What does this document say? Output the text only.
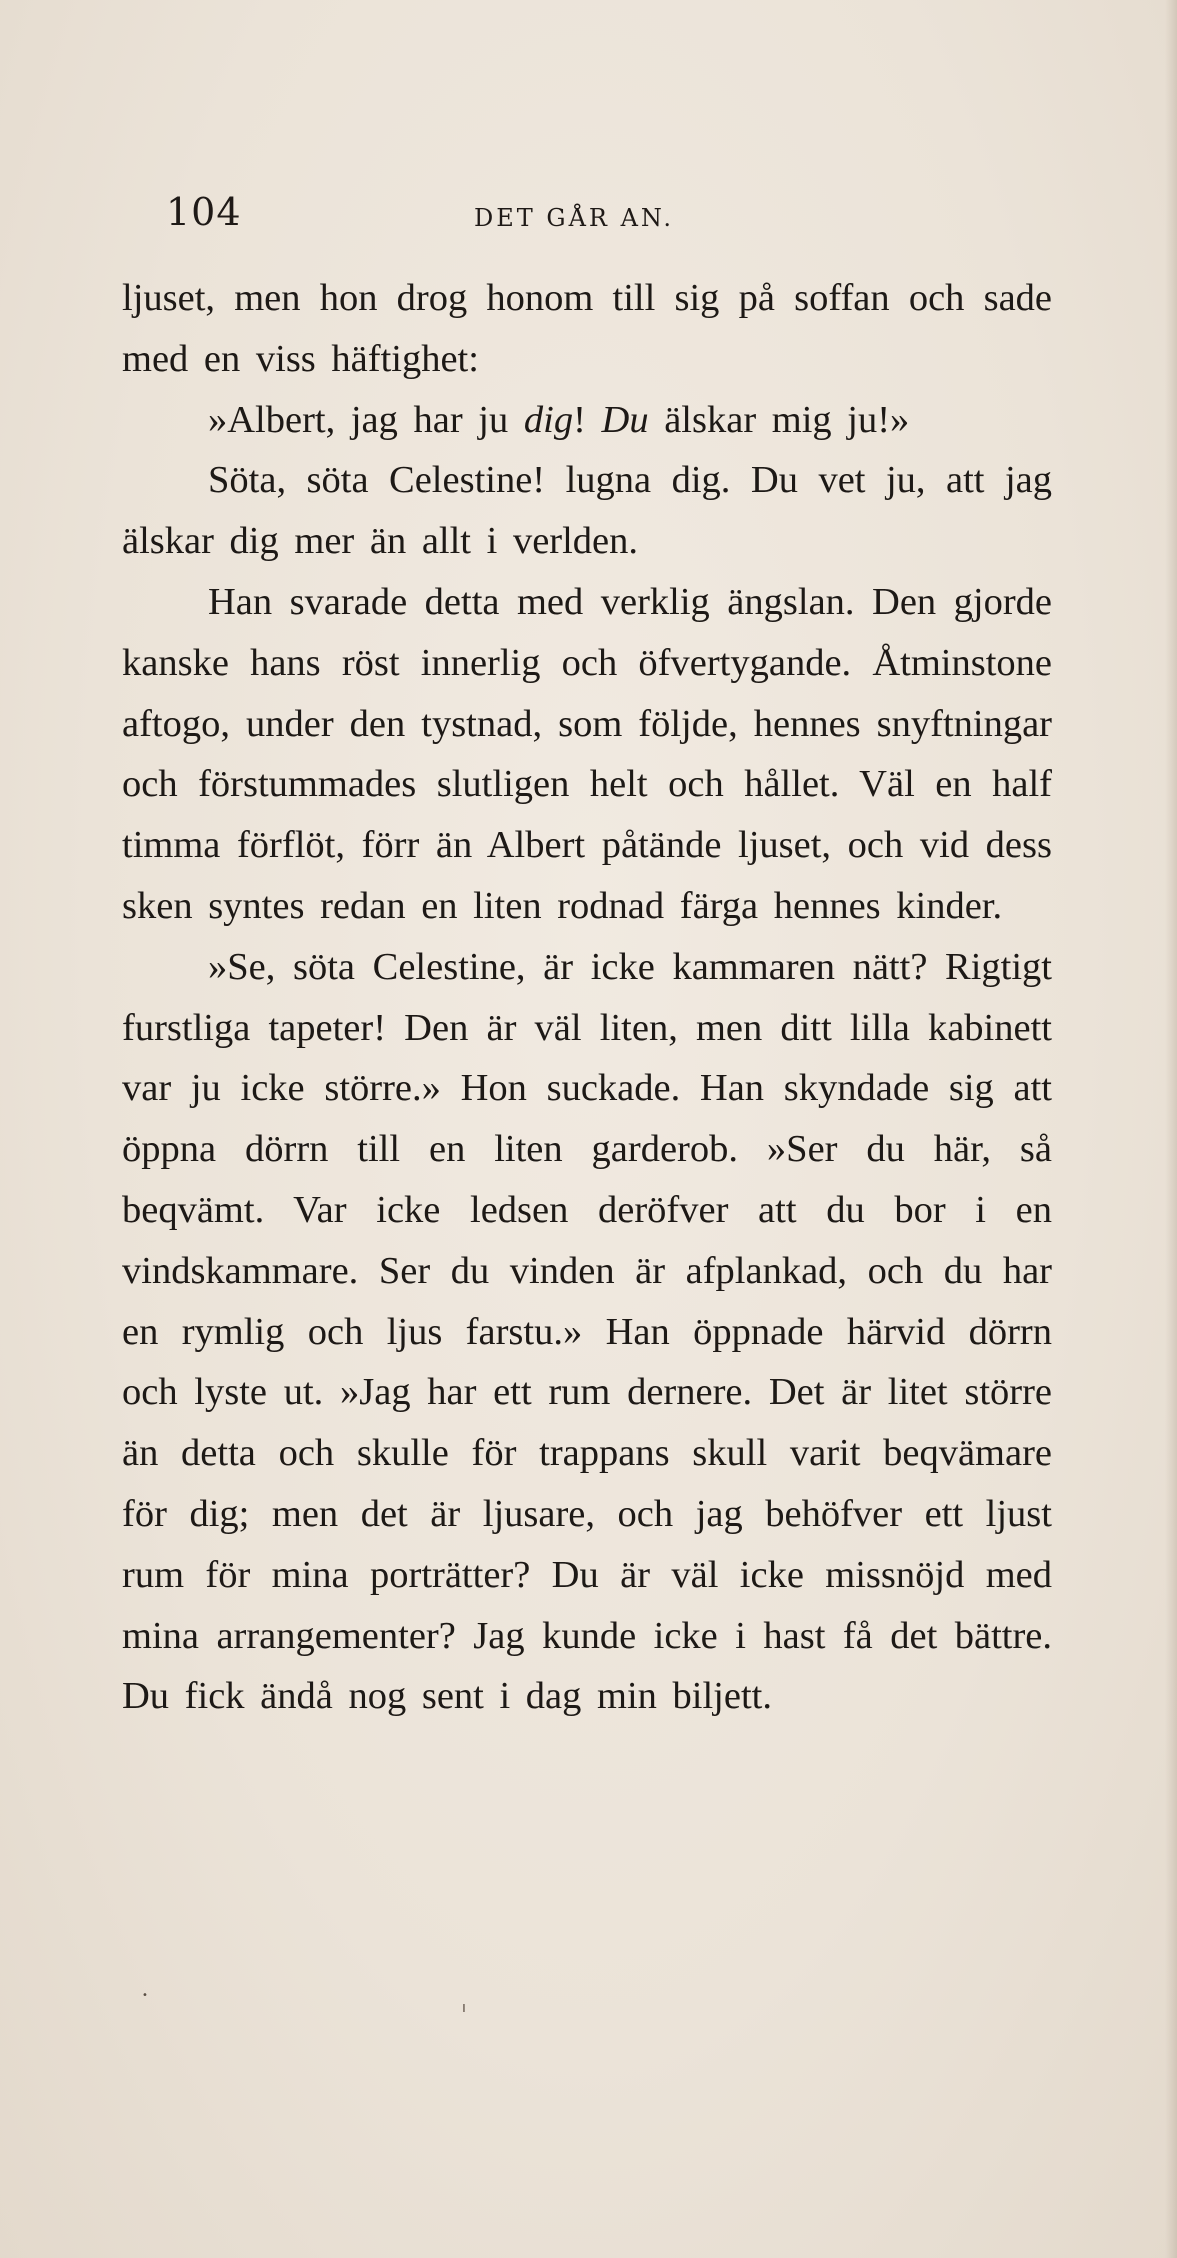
104	DET GÅR AN.

ljuset, men hon drog honom till sig på soffan och sade med en viss häftighet:

»Albert, jag har ju dig! Du älskar mig ju!»

Söta, söta Celestine! lugna dig. Du vet ju, att jag älskar dig mer än allt i verlden.

Han svarade detta med verklig ängslan. Den gjorde kanske hans röst innerlig och öfvertygande. Åtminstone aftogo, under den tystnad, som följde, hennes snyftningar och förstummades slutligen helt och hållet. Väl en half timma förflöt, förr än Albert påtände ljuset, och vid dess sken syntes redan en liten rodnad färga hennes kinder.

»Se, söta Celestine, är icke kammaren nätt? Rigtigt furstliga tapeter! Den är väl liten, men ditt lilla kabinett var ju icke större.» Hon suckade. Han skyndade sig att öppna dörrn till en liten garderob. »Ser du här, så beqvämt. Var icke ledsen deröfver att du bor i en vindskammare. Ser du vinden är afplankad, och du har en rymlig och ljus farstu.» Han öppnade härvid dörrn och lyste ut. »Jag har ett rum dernere. Det är litet större än detta och skulle för trappans skull varit beqvämare för dig; men det är ljusare, och jag behöfver ett ljust rum för mina porträtter? Du är väl icke missnöjd med mina arrangementer? Jag kunde icke i hast få det bättre. Du fick ändå nog sent i dag min biljett.

ı
•
